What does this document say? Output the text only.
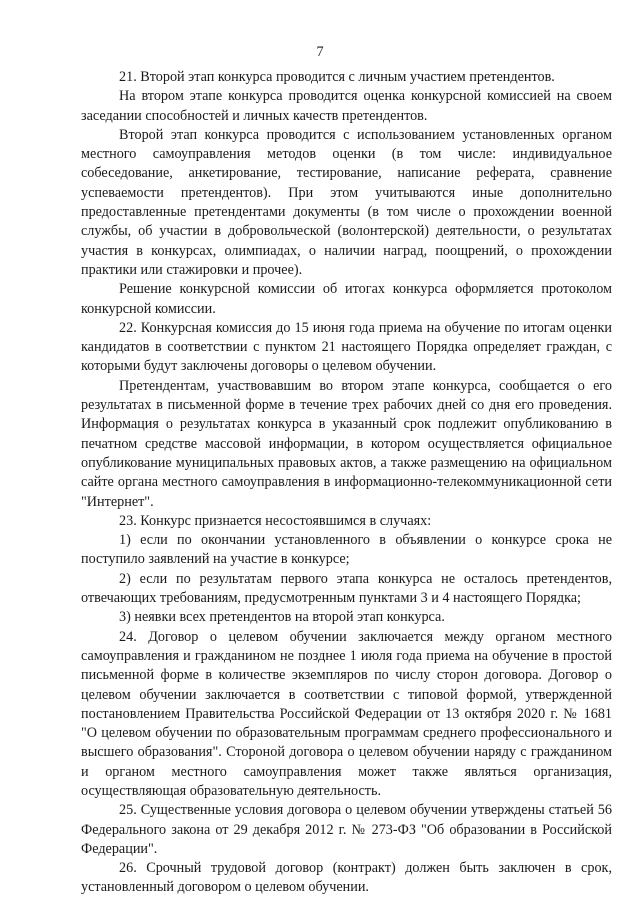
7

21. Второй этап конкурса проводится с личным участием претендентов.

На втором этапе конкурса проводится оценка конкурсной комиссией на своем заседании способностей и личных качеств претендентов.

Второй этап конкурса проводится с использованием установленных органом местного самоуправления методов оценки (в том числе: индивидуальное собеседование, анкетирование, тестирование, написание реферата, сравнение успеваемости претендентов). При этом учитываются иные дополнительно предоставленные претендентами документы (в том числе о прохождении военной службы, об участии в добровольческой (волонтерской) деятельности, о результатах участия в конкурсах, олимпиадах, о наличии наград, поощрений, о прохождении практики или стажировки и прочее).

Решение конкурсной комиссии об итогах конкурса оформляется протоколом конкурсной комиссии.

22. Конкурсная комиссия до 15 июня года приема на обучение по итогам оценки кандидатов в соответствии с пунктом 21 настоящего Порядка определяет граждан, с которыми будут заключены договоры о целевом обучении.

Претендентам, участвовавшим во втором этапе конкурса, сообщается о его результатах в письменной форме в течение трех рабочих дней со дня его проведения. Информация о результатах конкурса в указанный срок подлежит опубликованию в печатном средстве массовой информации, в котором осуществляется официальное опубликование муниципальных правовых актов, а также размещению на официальном сайте органа местного самоуправления в информационно-телекоммуникационной сети "Интернет".

23. Конкурс признается несостоявшимся в случаях:

1) если по окончании установленного в объявлении о конкурсе срока не поступило заявлений на участие в конкурсе;

2) если по результатам первого этапа конкурса не осталось претендентов, отвечающих требованиям, предусмотренным пунктами 3 и 4 настоящего Порядка;

3) неявки всех претендентов на второй этап конкурса.

24. Договор о целевом обучении заключается между органом местного самоуправления и гражданином не позднее 1 июля года приема на обучение в простой письменной форме в количестве экземпляров по числу сторон договора. Договор о целевом обучении заключается в соответствии с типовой формой, утвержденной постановлением Правительства Российской Федерации от 13 октября 2020 г. № 1681 "О целевом обучении по образовательным программам среднего профессионального и высшего образования". Стороной договора о целевом обучении наряду с гражданином и органом местного самоуправления может также являться организация, осуществляющая образовательную деятельность.

25. Существенные условия договора о целевом обучении утверждены статьей 56 Федерального закона от 29 декабря 2012 г. № 273-ФЗ "Об образовании в Российской Федерации".

26. Срочный трудовой договор (контракт) должен быть заключен в срок, установленный договором о целевом обучении.
